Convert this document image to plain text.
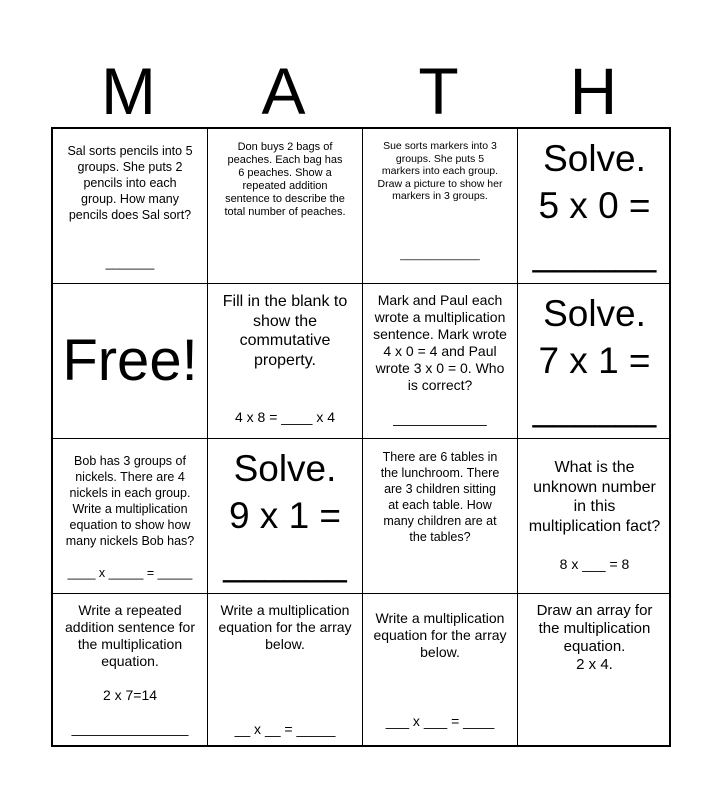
M	A	T	H
Sal sorts pencils into 5
groups. She puts 2
pencils into each
group. How many
pencils does Sal sort?
_______
Don buys 2 bags of
peaches. Each bag has
6 peaches. Show a
repeated addition
sentence to describe the
total number of peaches.
Sue sorts markers into 3
groups. She puts 5
markers into each group.
Draw a picture to show her
markers in 3 groups.
_____________
Solve.
5 x 0 =
______
Free!
Fill in the blank to
show the
commutative
property.
4 x 8 = ____ x 4
Mark and Paul each
wrote a multiplication
sentence. Mark wrote
4 x 0 = 4 and Paul
wrote 3 x 0 = 0. Who
is correct?
____________
Solve.
7 x 1 =
______
Bob has 3 groups of
nickels. There are 4
nickels in each group.
Write a multiplication
equation to show how
many nickels Bob has?
____ x _____ = _____
Solve.
9 x 1 =
______
There are 6 tables in
the lunchroom. There
are 3 children sitting
at each table. How
many children are at
the tables?
What is the
unknown number
in this
multiplication fact?
8 x ___ = 8
Write a repeated
addition sentence for
the multiplication
equation.

2 x 7=14
_______________
Write a multiplication
equation for the array
below.
__ x __ = _____
Write a multiplication
equation for the array
below.
___ x ___ = ____
Draw an array for
the multiplication
equation.
2 x 4.
